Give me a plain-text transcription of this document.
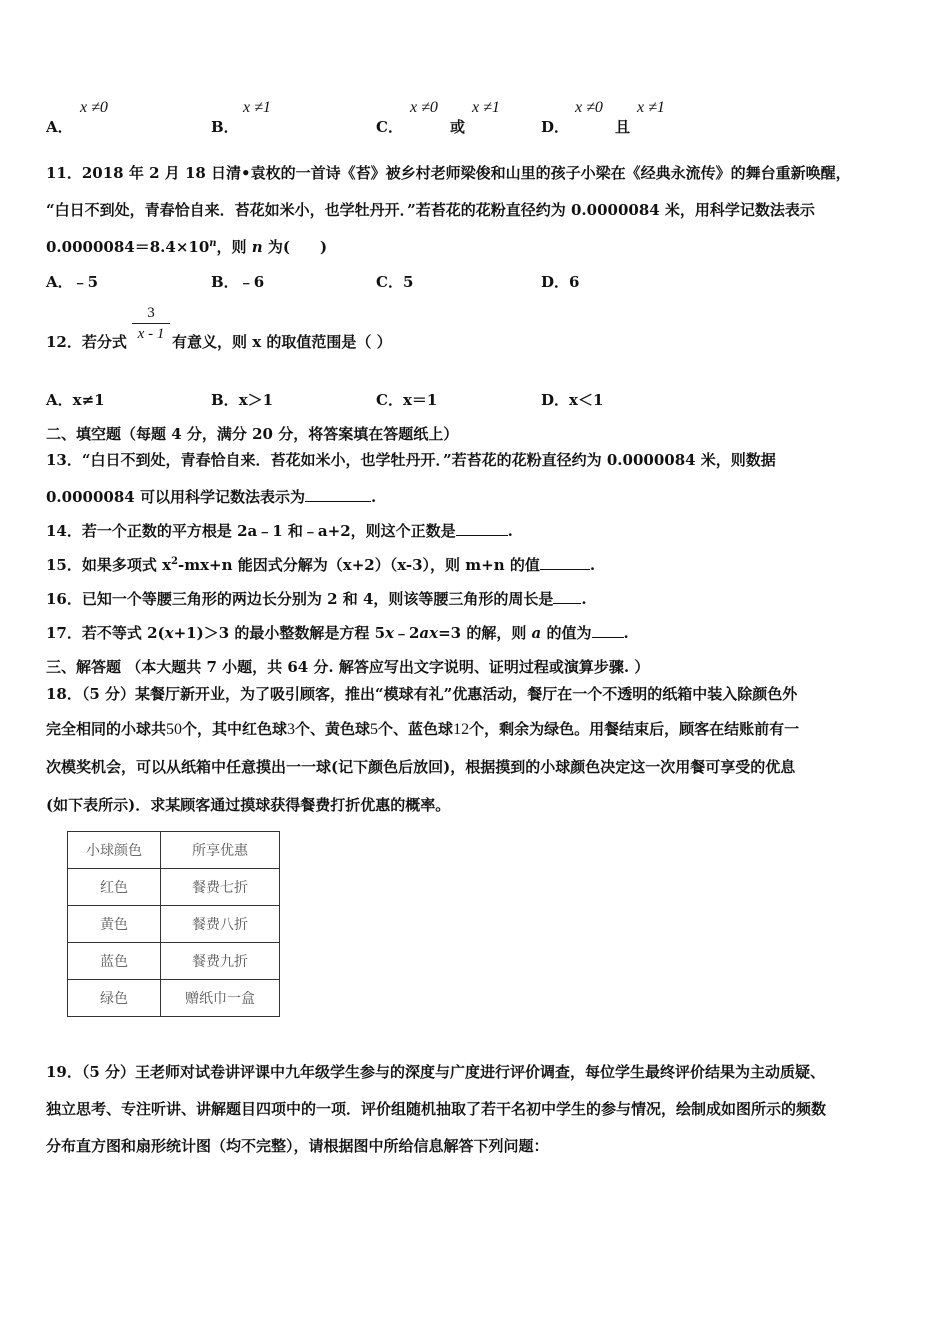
A．
x ≠0
B．
x ≠1
C．
x ≠0
或
x ≠1
D．
x ≠0
且
x ≠1
11．2018 年 2 月 18 日清•袁枚的一首诗《苔》被乡村老师梁俊和山里的孩子小梁在《经典永流传》的舞台重新唤醒，
“白日不到处，青春恰自来．苔花如米小，也学牡丹开．”若苔花的花粉直径约为 0.0000084 米，用科学记数法表示
$0.0000084=8.4\times 10^n$，则 n 为(　　)
A．﹣5	B．﹣6	C．5	D．6
12．若分式
3
x - 1 有意义，则 x 的取值范围是（ ）
A．x≠1	B．x＞1	C．x＝1	D．x＜1
二、填空题（每题 4 分，满分 20 分，将答案填在答题纸上）
13．“白日不到处，青春恰自来．苔花如米小，也学牡丹开．”若苔花的花粉直径约为 0.0000084 米，则数据
0.0000084 可以用科学记数法表示为	.
14．若一个正数的平方根是 2a﹣1 和﹣a+2，则这个正数是	.
15．如果多项式 $x^2-mx+n$ 能因式分解为（x+2）（x-3），则 m+n 的值	.
16．已知一个等腰三角形的两边长分别为 2 和 4，则该等腰三角形的周长是 .
17．若不等式 2(x+1)＞3 的最小整数解是方程 5x﹣2ax=3 的解，则 a 的值为 .
三、解答题 （本大题共 7 小题，共 64 分. 解答应写出文字说明、证明过程或演算步骤. ）
18．（5 分）某餐厅新开业，为了吸引顾客，推出“模球有礼”优惠活动，餐厅在一个不透明的纸箱中装入除颜色外
完全相同的小球共50个，其中红色球3个、黄色球5个、蓝色球12个，剩余为绿色。用餐结束后，顾客在结账前有一
次模奖机会，可以从纸箱中任意摸出一一球(记下颜色后放回)，根据摸到的小球颜色决定这一次用餐可享受的优息
(如下表所示)．求某顾客通过摸球获得餐费打折优惠的概率。
小球颜色	所享优惠
红色	餐费七折
黄色	餐费八折
蓝色	餐费九折
绿色	赠纸巾一盒
19．（5 分）王老师对试卷讲评课中九年级学生参与的深度与广度进行评价调查，每位学生最终评价结果为主动质疑、
独立思考、专注听讲、讲解题目四项中的一项．评价组随机抽取了若干名初中学生的参与情况，绘制成如图所示的频数
分布直方图和扇形统计图（均不完整），请根据图中所给信息解答下列问题：
